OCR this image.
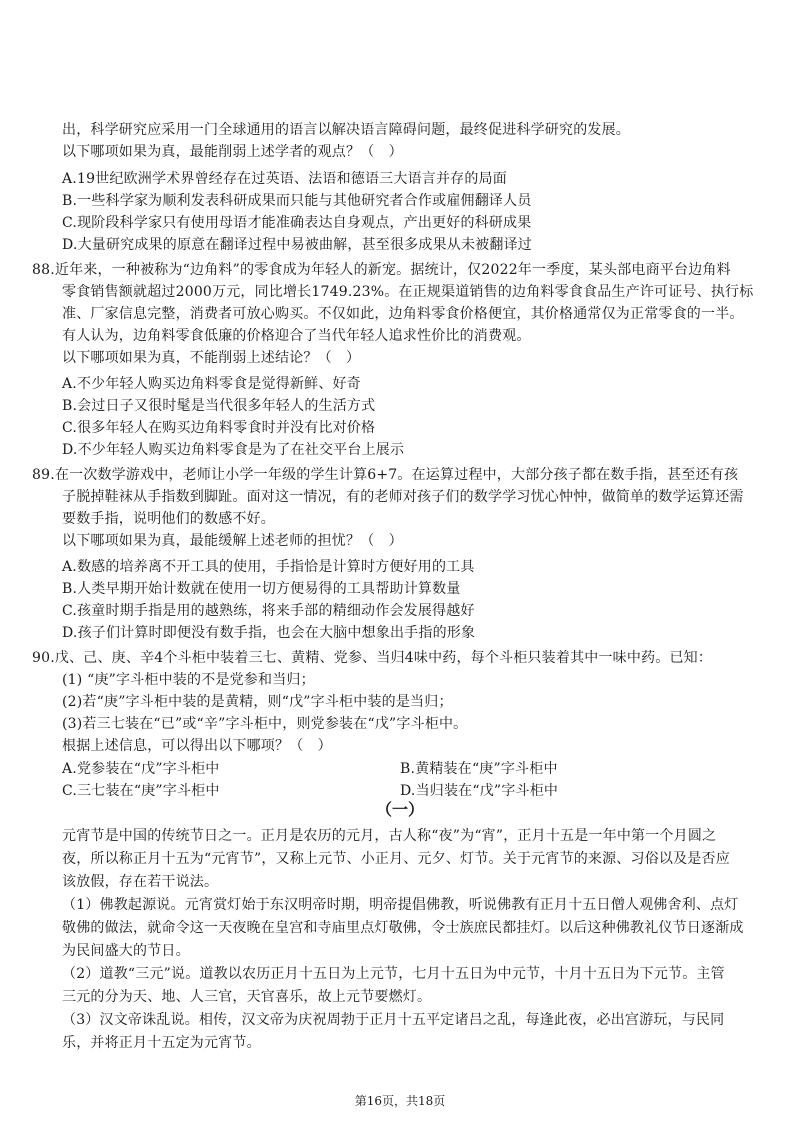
出，科学研究应采用一门全球通用的语言以解决语言障碍问题，最终促进科学研究的发展。
以下哪项如果为真，最能削弱上述学者的观点？（　）
A.19世纪欧洲学术界曾经存在过英语、法语和德语三大语言并存的局面
B.一些科学家为顺利发表科研成果而只能与其他研究者合作或雇佣翻译人员
C.现阶段科学家只有使用母语才能准确表达自身观点，产出更好的科研成果
D.大量研究成果的原意在翻译过程中易被曲解，甚至很多成果从未被翻译过
88.近年来，一种被称为“边角料”的零食成为年轻人的新宠。据统计，仅2022年一季度，某头部电商平台边角料
零食销售额就超过2000万元，同比增长1749.23%。在正规渠道销售的边角料零食食品生产许可证号、执行标
准、厂家信息完整，消费者可放心购买。不仅如此，边角料零食价格便宜，其价格通常仅为正常零食的一半。
有人认为，边角料零食低廉的价格迎合了当代年轻人追求性价比的消费观。
以下哪项如果为真，不能削弱上述结论？（　）
A.不少年轻人购买边角料零食是觉得新鲜、好奇
B.会过日子又很时髦是当代很多年轻人的生活方式
C.很多年轻人在购买边角料零食时并没有比对价格
D.不少年轻人购买边角料零食是为了在社交平台上展示
89.在一次数学游戏中，老师让小学一年级的学生计算6+7。在运算过程中，大部分孩子都在数手指，甚至还有孩
子脱掉鞋袜从手指数到脚趾。面对这一情况，有的老师对孩子们的数学学习忧心忡忡，做简单的数学运算还需
要数手指，说明他们的数感不好。
以下哪项如果为真，最能缓解上述老师的担忧？（　）
A.数感的培养离不开工具的使用，手指恰是计算时方便好用的工具
B.人类早期开始计数就在使用一切方便易得的工具帮助计算数量
C.孩童时期手指是用的越熟练，将来手部的精细动作会发展得越好
D.孩子们计算时即便没有数手指，也会在大脑中想象出手指的形象
90.戊、己、庚、辛4个斗柜中装着三七、黄精、党参、当归4味中药，每个斗柜只装着其中一味中药。已知：
(1) “庚”字斗柜中装的不是党参和当归；
(2)若“庚”字斗柜中装的是黄精，则“戊”字斗柜中装的是当归；
(3)若三七装在“已”或“辛”字斗柜中，则党参装在“戊”字斗柜中。
根据上述信息，可以得出以下哪项？（　）
A.党参装在“戊”字斗柜中	B.黄精装在“庚”字斗柜中
C.三七装在“庚”字斗柜中	D.当归装在“戊”字斗柜中
（一）
元宵节是中国的传统节日之一。正月是农历的元月，古人称“夜”为“宵”，正月十五是一年中第一个月圆之
夜，所以称正月十五为“元宵节”，又称上元节、小正月、元夕、灯节。关于元宵节的来源、习俗以及是否应
该放假，存在若干说法。
（1）佛教起源说。元宵赏灯始于东汉明帝时期，明帝提倡佛教，听说佛教有正月十五日僧人观佛舍利、点灯
敬佛的做法，就命令这一天夜晚在皇宫和寺庙里点灯敬佛，令士族庶民都挂灯。以后这种佛教礼仪节日逐渐成
为民间盛大的节日。
（2）道教“三元”说。道教以农历正月十五日为上元节，七月十五日为中元节，十月十五日为下元节。主管
三元的分为天、地、人三官，天官喜乐，故上元节要燃灯。
（3）汉文帝诛乱说。相传，汉文帝为庆祝周勃于正月十五平定诸吕之乱，每逢此夜，必出宫游玩，与民同
乐，并将正月十五定为元宵节。
第16页，共18页
